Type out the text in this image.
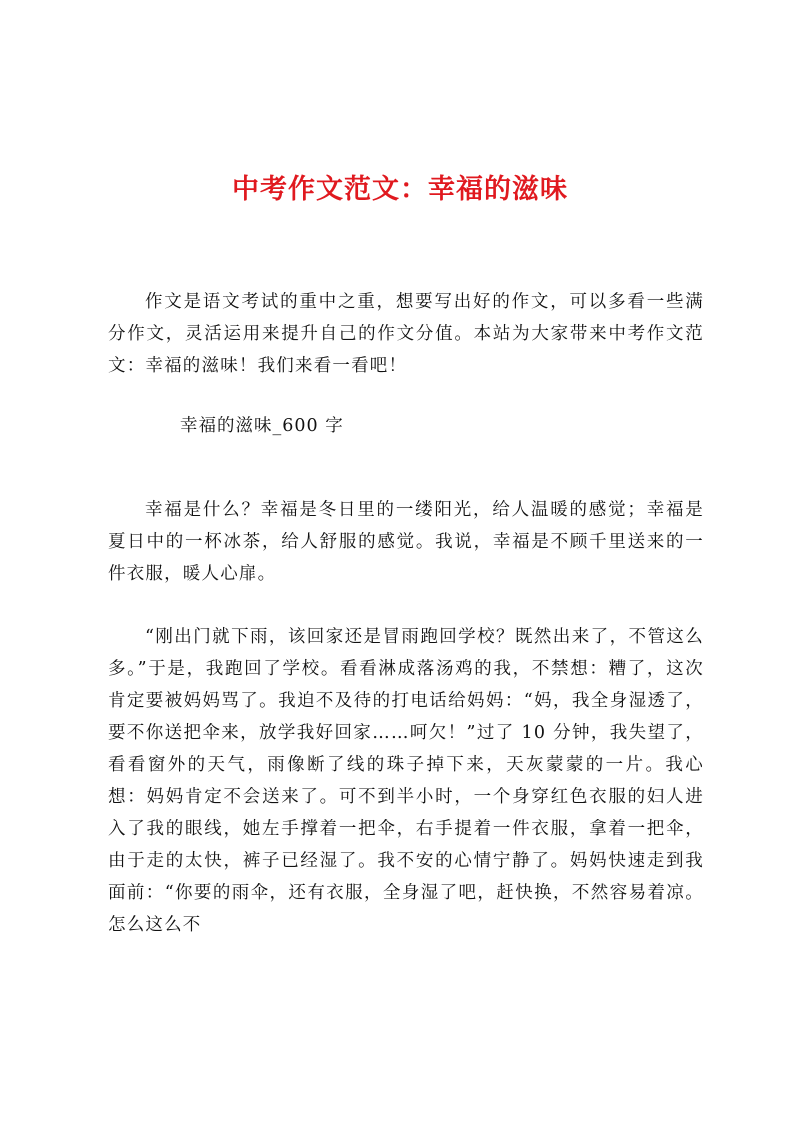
中考作文范文：幸福的滋味

作文是语文考试的重中之重，想要写出好的作文，可以多看一些满分作文，灵活运用来提升自己的作文分值。本站为大家带来中考作文范文：幸福的滋味！我们来看一看吧！

幸福的滋味_600 字

幸福是什么？幸福是冬日里的一缕阳光，给人温暖的感觉；幸福是夏日中的一杯冰茶，给人舒服的感觉。我说，幸福是不顾千里送来的一件衣服，暖人心扉。

“刚出门就下雨，该回家还是冒雨跑回学校？既然出来了，不管这么多。”于是，我跑回了学校。看看淋成落汤鸡的我，不禁想：糟了，这次肯定要被妈妈骂了。我迫不及待的打电话给妈妈：“妈，我全身湿透了，要不你送把伞来，放学我好回家……呵欠！”过了 10 分钟，我失望了，看看窗外的天气，雨像断了线的珠子掉下来，天灰蒙蒙的一片。我心想：妈妈肯定不会送来了。可不到半小时，一个身穿红色衣服的妇人进入了我的眼线，她左手撑着一把伞，右手提着一件衣服，拿着一把伞，由于走的太快，裤子已经湿了。我不安的心情宁静了。妈妈快速走到我面前：“你要的雨伞，还有衣服，全身湿了吧，赶快换，不然容易着凉。怎么这么不
